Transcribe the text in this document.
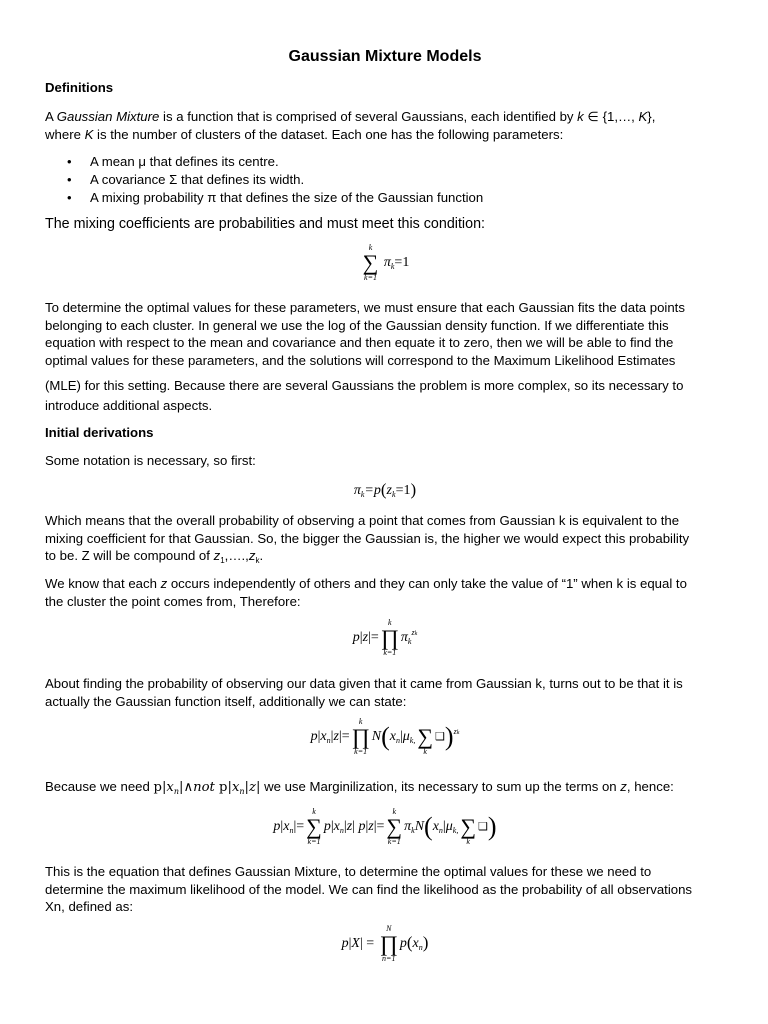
Gaussian Mixture Models
Definitions
A Gaussian Mixture is a function that is comprised of several Gaussians, each identified by k ∈ {1,…, K},
where K is the number of clusters of the dataset. Each one has the following parameters:
• A mean μ that defines its centre.
• A covariance Σ that defines its width.
• A mixing probability π that defines the size of the Gaussian function
The mixing coefficients are probabilities and must meet this condition:
k
∑
k=1
$\pi_k=1$
To determine the optimal values for these parameters, we must ensure that each Gaussian fits the data points
belonging to each cluster. In general we use the log of the Gaussian density function. If we differentiate this
equation with respect to the mean and covariance and then equate it to zero, then we will be able to find the
optimal values for these parameters, and the solutions will correspond to the Maximum Likelihood Estimates
(MLE) for this setting. Because there are several Gaussians the problem is more complex, so its necessary to
introduce additional aspects.
Initial derivations
Some notation is necessary, so first:
$\pi_k=p(z_k=1)$
Which means that the overall probability of observing a point that comes from Gaussian k is equivalent to the
mixing coefficient for that Gaussian. So, the bigger the Gaussian is, the higher we would expect this probability
to be. Z will be compound of $z_1,\dots.,z_k$.
We know that each z occurs independently of others and they can only take the value of “1” when k is equal to
the cluster the point comes from, Therefore:
p|z|=
k
∏
k=1
$\pi_k^{zk}$
About finding the probability of observing our data given that it came from Gaussian k, turns out to be that it is
actually the Gaussian function itself, additionally we can state:
$p|x_n|z|=$
k
∏
k=1
$N(x_n|\mu_{k,}$
∑
k
❑)$^{zk}$
Because we need $p|x_n|\wedge not$ $p|x_n|z|$ we use Marginilization, its necessary to sum up the terms on z, hence:
$p|x_n|=$
k
∑
k=1
$p|x_n|z|$ p|z|=
k
∑
k=1
$\pi_kN(x_n|\mu_{k,}$
∑
k
❑)
This is the equation that defines Gaussian Mixture, to determine the optimal values for these we need to
determine the maximum likelihood of the model. We can find the likelihood as the probability of all observations
Xn, defined as:
p|X| =
N
∏
n=1
$p(x_n)$
